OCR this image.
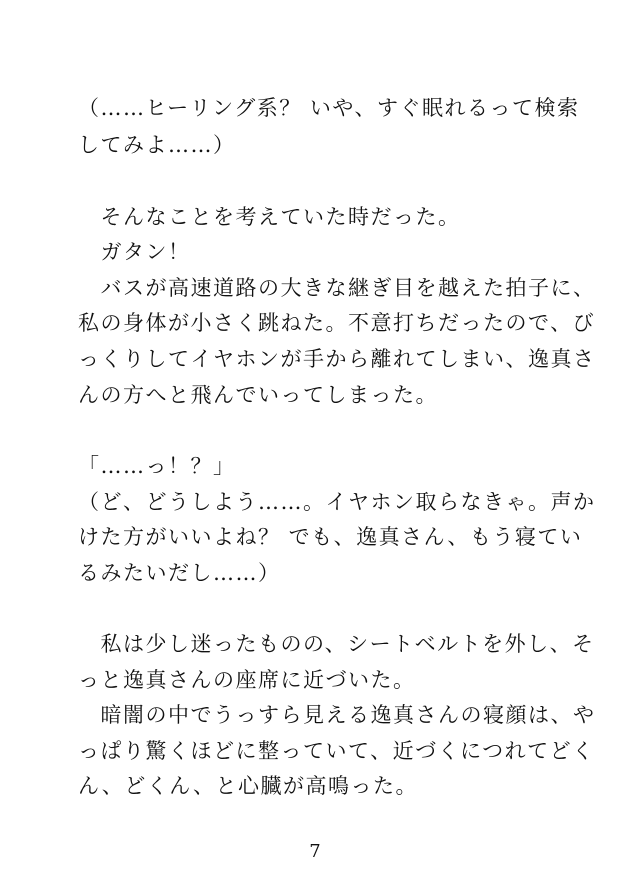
（……ヒーリング系？ いや、すぐ眠れるって検索
してみよ……）
　そんなことを考えていた時だった。
　ガタン！
　バスが高速道路の大きな継ぎ目を越えた拍子に、
私の身体が小さく跳ねた。不意打ちだったので、び
っくりしてイヤホンが手から離れてしまい、逸真さ
んの方へと飛んでいってしまった。
「……っ！？」
（ど、どうしよう……。イヤホン取らなきゃ。声か
けた方がいいよね？ でも、逸真さん、もう寝てい
るみたいだし……）
　私は少し迷ったものの、シートベルトを外し、そ
っと逸真さんの座席に近づいた。
　暗闇の中でうっすら見える逸真さんの寝顔は、や
っぱり驚くほどに整っていて、近づくにつれてどく
ん、どくん、と心臓が高鳴った。
7
